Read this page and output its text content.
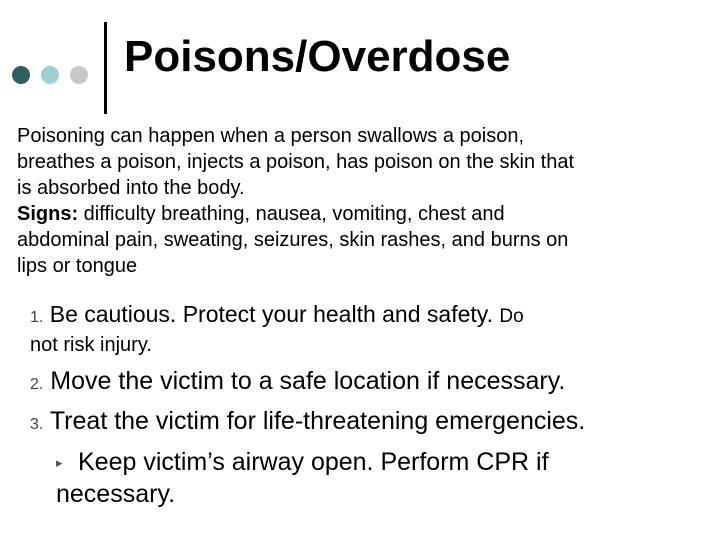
Poisons/Overdose

Poisoning can happen when a person swallows a poison,

breathes a poison, injects a poison, has poison on the skin that

is absorbed into the body.

Signs: difficulty breathing, nausea, vomiting, chest and

abdominal pain, sweating, seizures, skin rashes, and burns on

lips or tongue

1. Be cautious. Protect your health and safety. Do
not risk injury.
2. Move the victim to a safe location if necessary.
3. Treat the victim for life-threatening emergencies.
▸ Keep victim’s airway open. Perform CPR if
necessary.
